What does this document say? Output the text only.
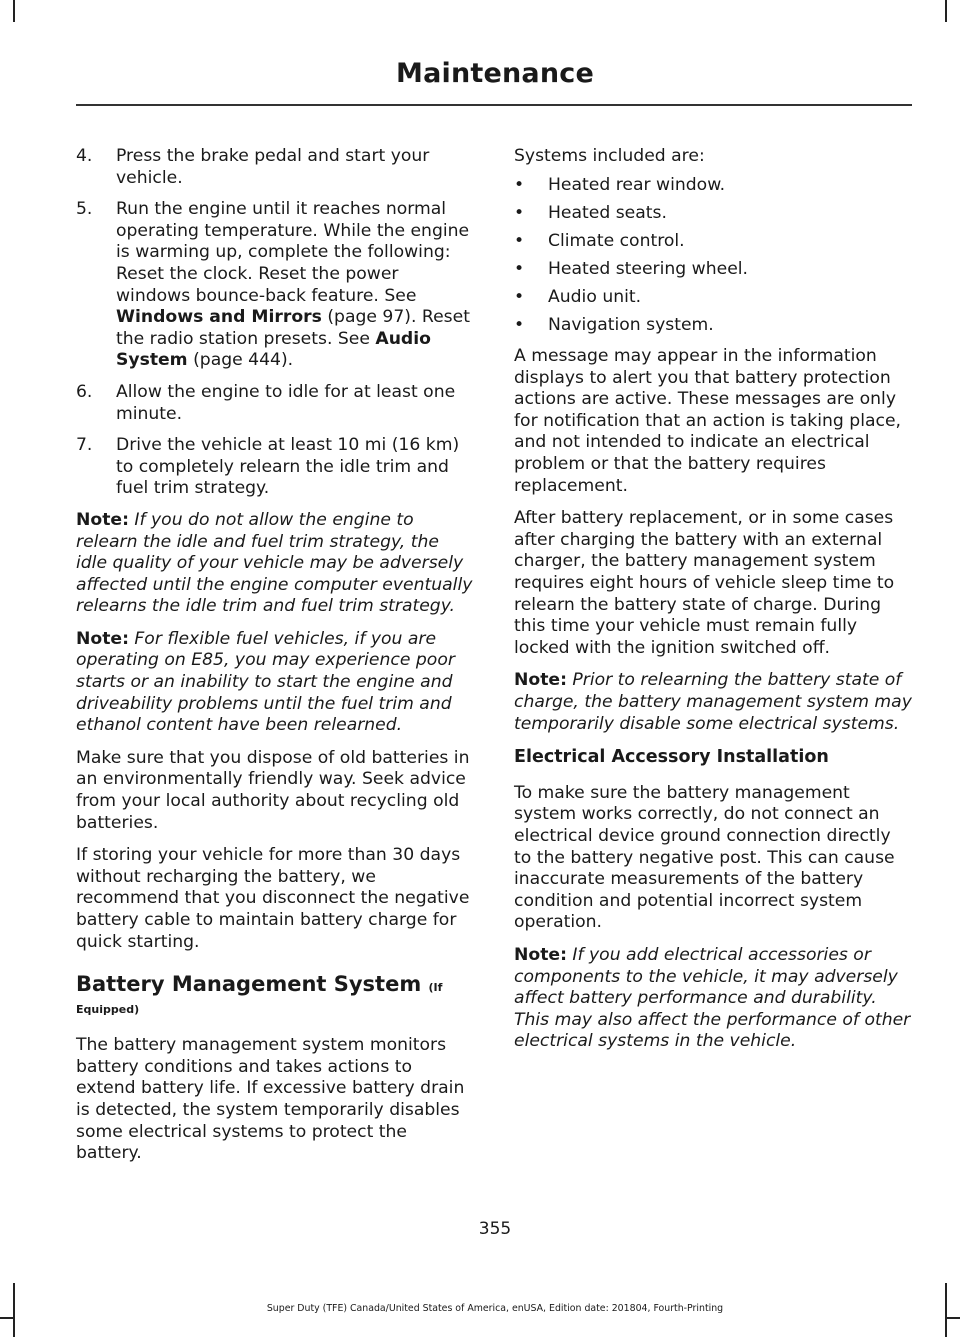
Maintenance
4. Press the brake pedal and start your vehicle.
5. Run the engine until it reaches normal operating temperature. While the engine is warming up, complete the following: Reset the clock. Reset the power windows bounce-back feature. See Windows and Mirrors (page 97). Reset the radio station presets. See Audio System (page 444).
6. Allow the engine to idle for at least one minute.
7. Drive the vehicle at least 10 mi (16 km) to completely relearn the idle trim and fuel trim strategy.

Note: If you do not allow the engine to relearn the idle and fuel trim strategy, the idle quality of your vehicle may be adversely affected until the engine computer eventually relearns the idle trim and fuel trim strategy.

Note: For flexible fuel vehicles, if you are operating on E85, you may experience poor starts or an inability to start the engine and driveability problems until the fuel trim and ethanol content have been relearned.

Make sure that you dispose of old batteries in an environmentally friendly way. Seek advice from your local authority about recycling old batteries.

If storing your vehicle for more than 30 days without recharging the battery, we recommend that you disconnect the negative battery cable to maintain battery charge for quick starting.

Battery Management System (If
Equipped)

The battery management system monitors battery conditions and takes actions to extend battery life. If excessive battery drain is detected, the system temporarily disables some electrical systems to protect the battery.

Systems included are:

• Heated rear window.
• Heated seats.
• Climate control.
• Heated steering wheel.
• Audio unit.
• Navigation system.

A message may appear in the information displays to alert you that battery protection actions are active. These messages are only for notification that an action is taking place, and not intended to indicate an electrical problem or that the battery requires replacement.

After battery replacement, or in some cases after charging the battery with an external charger, the battery management system requires eight hours of vehicle sleep time to relearn the battery state of charge. During this time your vehicle must remain fully locked with the ignition switched off.

Note: Prior to relearning the battery state of charge, the battery management system may temporarily disable some electrical systems.

Electrical Accessory Installation

To make sure the battery management system works correctly, do not connect an electrical device ground connection directly to the battery negative post. This can cause inaccurate measurements of the battery condition and potential incorrect system operation.

Note: If you add electrical accessories or components to the vehicle, it may adversely affect battery performance and durability. This may also affect the performance of other electrical systems in the vehicle.

355
Super Duty (TFE) Canada/United States of America, enUSA, Edition date: 201804, Fourth-Printing
